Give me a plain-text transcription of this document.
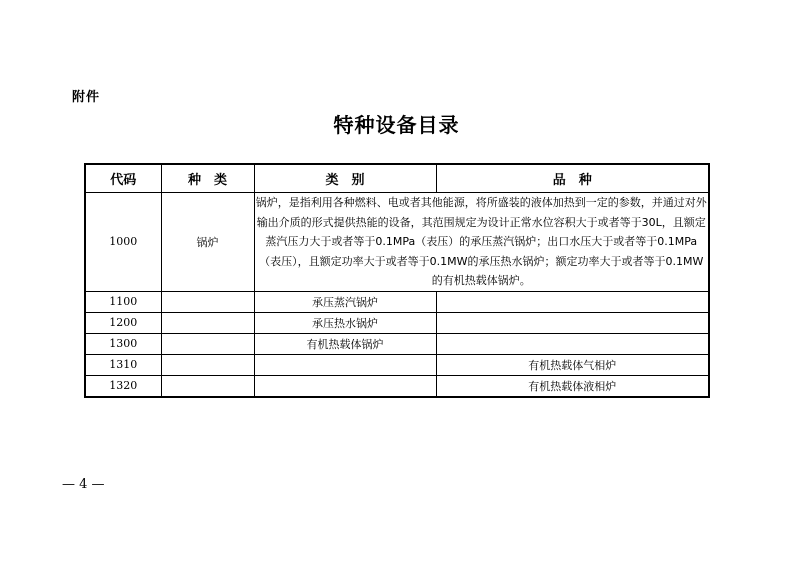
附件
特种设备目录
代码	种　类	类　别	品　种
1000	锅炉	锅炉，是指利用各种燃料、电或者其他能源，将所盛装的液体加热到一定的参数，并通过对外输出介质的形式提供热能的设备，其范围规定为设计正常水位容积大于或者等于30L，且额定蒸汽压力大于或者等于0.1MPa（表压）的承压蒸汽锅炉；出口水压大于或者等于0.1MPa（表压），且额定功率大于或者等于0.1MW的承压热水锅炉；额定功率大于或者等于0.1MW的有机热载体锅炉。	
1100		承压蒸汽锅炉	
1200		承压热水锅炉	
1300		有机热载体锅炉	
1310			有机热载体气相炉
1320			有机热载体液相炉
— 4 —
